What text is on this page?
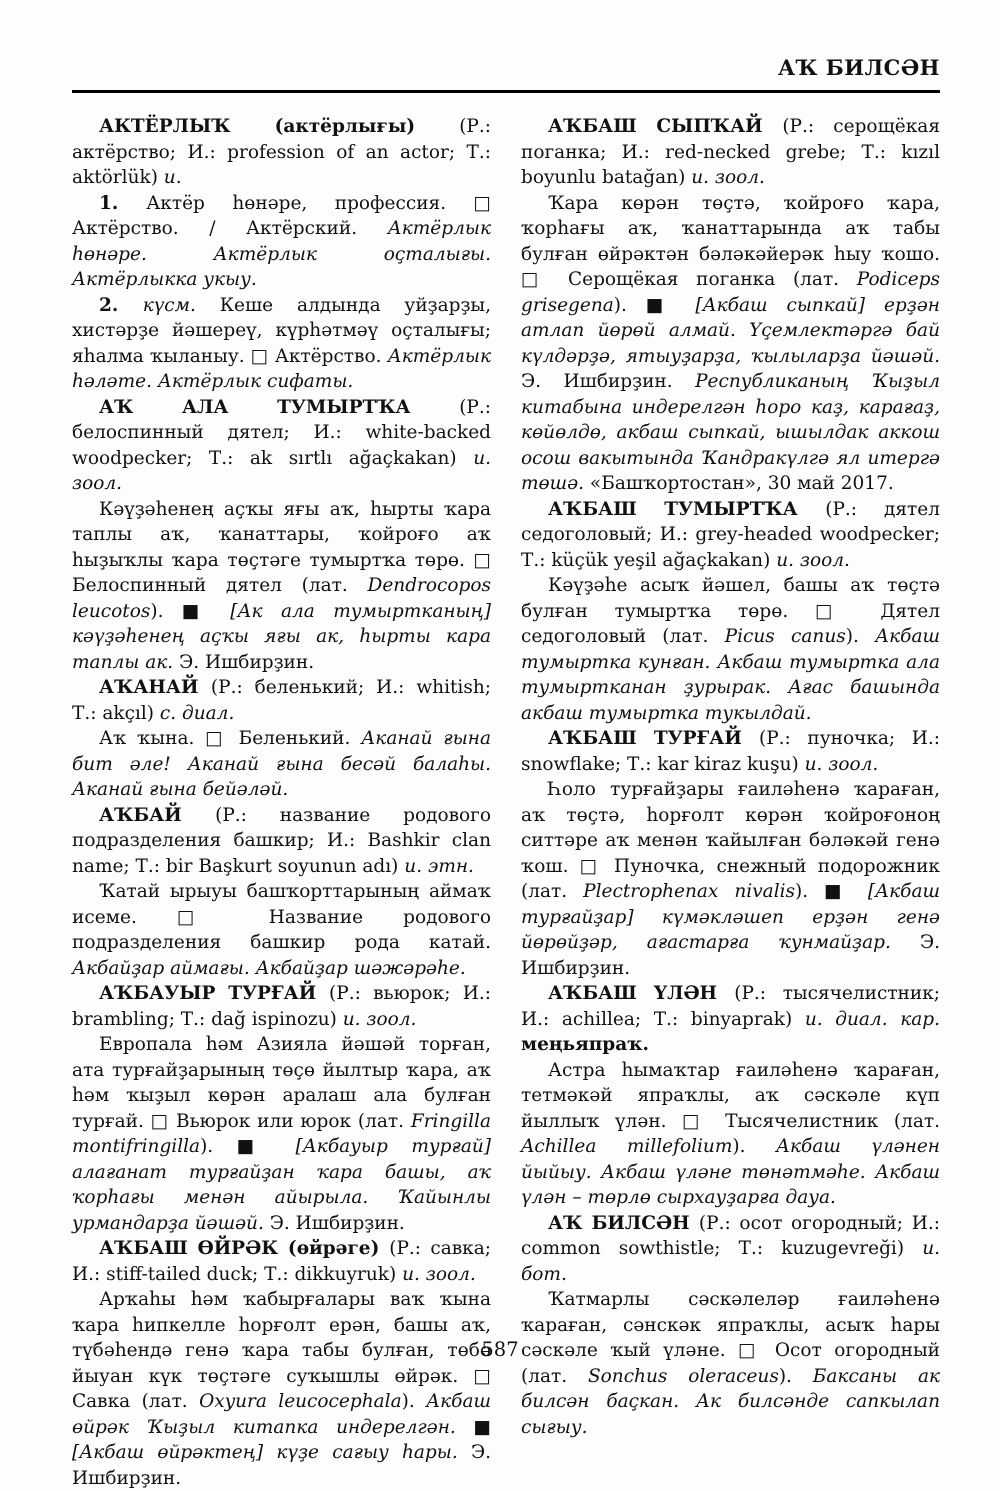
АҠ БИЛСӘН

АКТЁРЛЫҠ (актёрлығы) (Р.: актёрство; И.: profession of an actor; Т.: aktörlük) и.

1. Актёр һөнәре, профессия. □ Актёрство. / Актёрский. Актёрлык һөнәре. Актёрлык оҫталығы. Актёрлыкка укыу.

2. күсм. Кеше алдында уйҙарҙы, хистәрҙе йәшереү, күрһәтмәү оҫталығы; яһалма ҡыланыу. □ Актёрство. Актёрлык һәләте. Актёрлык сифаты.

АҠ АЛА ТУМЫРТҠА (Р.: белоспинный дятел; И.: white-backed woodpecker; Т.: ak sırtlı ağaçkakan) и. зоол.

Кәүҙәһенең аҫҡы яғы аҡ, һырты ҡара таплы аҡ, ҡанаттары, ҡойроғо аҡ һыҙыҡлы ҡара төҫтәге тумыртҡа төрө. □ Белоспинный дятел (лат. Dendrocopos leucotos). ■ [Ак ала тумыртканың] кәүҙәһенең аҫҡы яғы ак, һырты кара таплы ак. Э. Ишбирҙин.

АҠАНАЙ (Р.: беленький; И.: whitish; Т.: akçıl) с. диал.

Аҡ ҡына. □ Беленький. Аканай ғына бит әле! Аканай ғына бесәй балаһы. Аканай ғына бейәләй.

АҠБАЙ (Р.: название родового подразделения башкир; И.: Bashkir clan name; Т.: bir Başkurt soyunun adı) и. этн.

Ҡатай ырыуы башҡорттарының аймаҡ исеме. □ Название родового подразделения башкир рода катай. Акбайҙар аймағы. Акбайҙар шәжәрәһе.

АҠБАУЫР ТУРҒАЙ (Р.: вьюрок; И.: brambling; Т.: dağ ispinozu) и. зоол.

Европала һәм Азияла йәшәй торған, ата турғайҙарының төҫө йылтыр ҡара, аҡ һәм ҡыҙыл көрән аралаш ала булған турғай. □ Вьюрок или юрок (лат. Fringilla montifringilla). ■ [Акбауыр турғай] алағанат турғайҙан ҡара башы, аҡ ҡорһағы менән айырыла. Ҡайынлы урмандарҙа йәшәй. Э. Ишбирҙин.

АҠБАШ ӨЙРӘК (өйрәге) (Р.: савка; И.: stiff-tailed duck; Т.: dikkuyruk) и. зоол.

Арҡаһы һәм ҡабырғалары ваҡ ҡына ҡара һипкелле һорғолт ерән, башы аҡ, түбәһендә генә ҡара табы булған, төбө йыуан күк төҫтәге суҡышлы өйрәк. □ Савка (лат. Oxyura leucocephala). Акбаш өйрәк Ҡыҙыл китапка индерелгән. ■ [Акбаш өйрәктең] күҙе сағыу һары. Э. Ишбирҙин.

АҠБАШ СЫПҠАЙ (Р.: серощёкая поганка; И.: red-necked grebe; Т.: kızıl boyunlu batağan) и. зоол.

Ҡара көрән төҫтә, ҡойроғо ҡара, ҡорһағы аҡ, ҡанаттарында аҡ табы булған өйрәктән бәләкәйерәк һыу ҡошо. □ Серощёкая поганка (лат. Podiceps grisegena). ■ [Акбаш сыпкай] ерҙән атлап йөрөй алмай. Үҫемлектәргә бай күлдәрҙә, ятыуҙарҙа, ҡылыларҙа йәшәй. Э. Ишбирҙин. Республиканың Ҡыҙыл китабына индерелгән һоро каҙ, карағаҙ, көйөлдө, акбаш сыпкай, ышылдак аккош осош вакытында Ҡандракүлгә ял итергә төшә. «Башҡортостан», 30 май 2017.

АҠБАШ ТУМЫРТҠА (Р.: дятел седоголовый; И.: grey-headed woodpecker; Т.: küçük yeşil ağaçkakan) и. зоол.

Кәүҙәһе асыҡ йәшел, башы аҡ төҫтә булған тумыртҡа төрө. □ Дятел седоголовый (лат. Picus canus). Акбаш тумыртка кунған. Акбаш тумыртка ала тумыртканан ҙурырак. Ағас башында акбаш тумыртка тукылдай.

АҠБАШ ТУРҒАЙ (Р.: пуночка; И.: snowflake; Т.: kar kiraz kuşu) и. зоол.

Һоло турғайҙары ғаиләһенә ҡараған, аҡ төҫтә, һорғолт көрән ҡойроғоноң ситтәре аҡ менән ҡайылған бәләкәй генә ҡош. □ Пуночка, снежный подорожник (лат. Plectrophenax nivalis). ■ [Акбаш турғайҙар] күмәкләшеп ерҙән генә йөрөйҙәр, ағастарға ҡунмайҙар. Э. Ишбирҙин.

АҠБАШ ҮЛӘН (Р.: тысячелистник; И.: achillea; Т.: binyaprak) и. диал. кар. меңьяпраҡ.

Астра һымаҡтар ғаиләһенә ҡараған, тетмәкәй япраҡлы, аҡ сәскәле күп йыллыҡ үлән. □ Тысячелистник (лат. Achillea millefolium). Акбаш үләнен йыйыу. Акбаш үләне төнәтмәһе. Акбаш үлән – төрлө сырхауҙарға дауа.

АҠ БИЛСӘН (Р.: осот огородный; И.: common sowthistle; Т.: kuzugevreği) и. бот.

Ҡатмарлы сәскәлеләр ғаиләһенә ҡараған, сәнскәк япраҡлы, асыҡ һары сәскәле ҡый үләне. □ Осот огородный (лат. Sonchus oleraceus). Баксаны ак билсән баҫкан. Ак билсәнде сапкылап сығыу.

587
